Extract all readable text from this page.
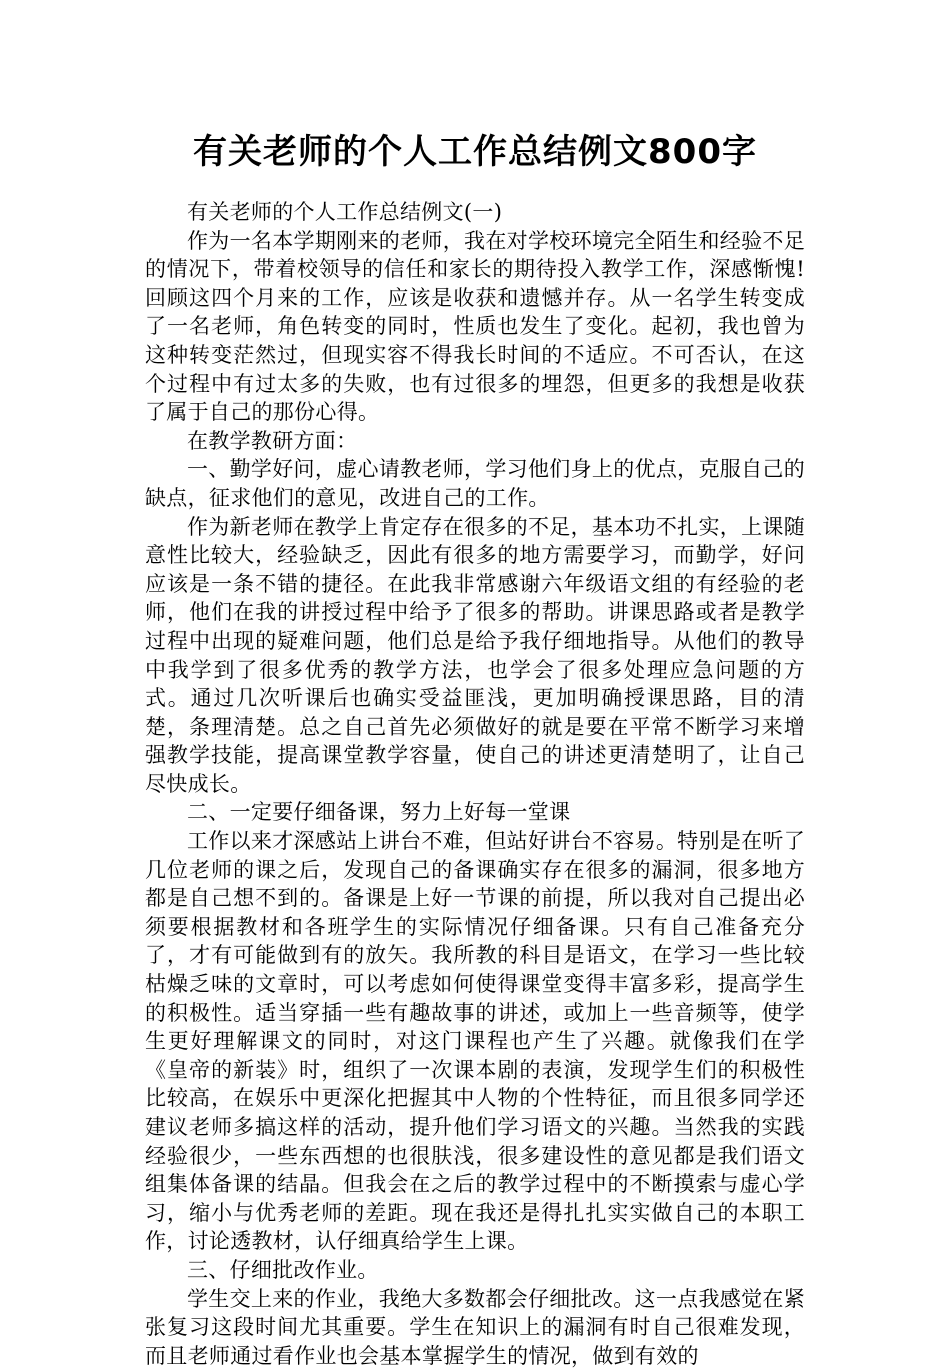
有关老师的个人工作总结例文800字

有关老师的个人工作总结例文(一)

作为一名本学期刚来的老师，我在对学校环境完全陌生和经验不足的情况下，带着校领导的信任和家长的期待投入教学工作，深感惭愧!回顾这四个月来的工作，应该是收获和遗憾并存。从一名学生转变成了一名老师，角色转变的同时，性质也发生了变化。起初，我也曾为这种转变茫然过，但现实容不得我长时间的不适应。不可否认，在这个过程中有过太多的失败，也有过很多的埋怨，但更多的我想是收获了属于自己的那份心得。

在教学教研方面：

一、勤学好问，虚心请教老师，学习他们身上的优点，克服自己的缺点，征求他们的意见，改进自己的工作。

作为新老师在教学上肯定存在很多的不足，基本功不扎实，上课随意性比较大，经验缺乏，因此有很多的地方需要学习，而勤学，好问应该是一条不错的捷径。在此我非常感谢六年级语文组的有经验的老师，他们在我的讲授过程中给予了很多的帮助。讲课思路或者是教学过程中出现的疑难问题，他们总是给予我仔细地指导。从他们的教导中我学到了很多优秀的教学方法，也学会了很多处理应急问题的方式。通过几次听课后也确实受益匪浅，更加明确授课思路，目的清楚，条理清楚。总之自己首先必须做好的就是要在平常不断学习来增强教学技能，提高课堂教学容量，使自己的讲述更清楚明了，让自己尽快成长。

二、一定要仔细备课，努力上好每一堂课

工作以来才深感站上讲台不难，但站好讲台不容易。特别是在听了几位老师的课之后，发现自己的备课确实存在很多的漏洞，很多地方都是自己想不到的。备课是上好一节课的前提，所以我对自己提出必须要根据教材和各班学生的实际情况仔细备课。只有自己准备充分了，才有可能做到有的放矢。我所教的科目是语文，在学习一些比较枯燥乏味的文章时，可以考虑如何使得课堂变得丰富多彩，提高学生的积极性。适当穿插一些有趣故事的讲述，或加上一些音频等，使学生更好理解课文的同时，对这门课程也产生了兴趣。就像我们在学《皇帝的新装》时，组织了一次课本剧的表演，发现学生们的积极性比较高，在娱乐中更深化把握其中人物的个性特征，而且很多同学还建议老师多搞这样的活动，提升他们学习语文的兴趣。当然我的实践经验很少，一些东西想的也很肤浅，很多建设性的意见都是我们语文组集体备课的结晶。但我会在之后的教学过程中的不断摸索与虚心学习，缩小与优秀老师的差距。现在我还是得扎扎实实做自己的本职工作，讨论透教材，认仔细真给学生上课。

三、仔细批改作业。

学生交上来的作业，我绝大多数都会仔细批改。这一点我感觉在紧张复习这段时间尤其重要。学生在知识上的漏洞有时自己很难发现，而且老师通过看作业也会基本掌握学生的情况，做到有效的
